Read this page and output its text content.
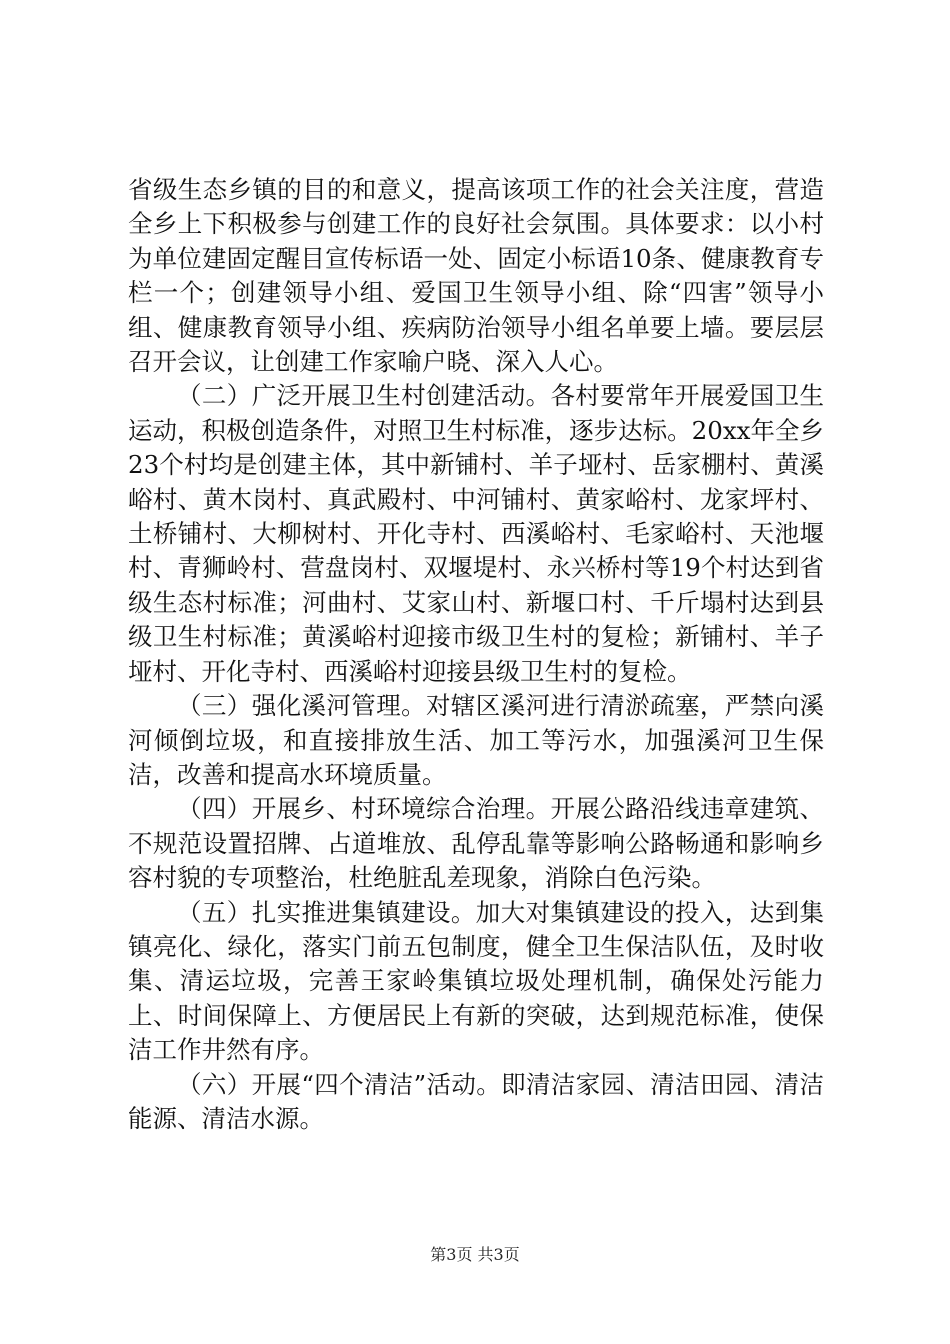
省级生态乡镇的目的和意义，提高该项工作的社会关注度，营造全乡上下积极参与创建工作的良好社会氛围。具体要求：以小村为单位建固定醒目宣传标语一处、固定小标语10条、健康教育专栏一个；创建领导小组、爱国卫生领导小组、除“四害”领导小组、健康教育领导小组、疾病防治领导小组名单要上墙。要层层召开会议，让创建工作家喻户晓、深入人心。

（二）广泛开展卫生村创建活动。各村要常年开展爱国卫生运动，积极创造条件，对照卫生村标准，逐步达标。20xx年全乡23个村均是创建主体，其中新铺村、羊子垭村、岳家棚村、黄溪峪村、黄木岗村、真武殿村、中河铺村、黄家峪村、龙家坪村、土桥铺村、大柳树村、开化寺村、西溪峪村、毛家峪村、天池堰村、青狮岭村、营盘岗村、双堰堤村、永兴桥村等19个村达到省级生态村标准；河曲村、艾家山村、新堰口村、千斤塌村达到县级卫生村标准；黄溪峪村迎接市级卫生村的复检；新铺村、羊子垭村、开化寺村、西溪峪村迎接县级卫生村的复检。

（三）强化溪河管理。对辖区溪河进行清淤疏塞，严禁向溪河倾倒垃圾，和直接排放生活、加工等污水，加强溪河卫生保洁，改善和提高水环境质量。

（四）开展乡、村环境综合治理。开展公路沿线违章建筑、不规范设置招牌、占道堆放、乱停乱靠等影响公路畅通和影响乡容村貌的专项整治，杜绝脏乱差现象，消除白色污染。

（五）扎实推进集镇建设。加大对集镇建设的投入，达到集镇亮化、绿化，落实门前五包制度，健全卫生保洁队伍，及时收集、清运垃圾，完善王家岭集镇垃圾处理机制，确保处污能力上、时间保障上、方便居民上有新的突破，达到规范标准，使保洁工作井然有序。

（六）开展“四个清洁”活动。即清洁家园、清洁田园、清洁能源、清洁水源。

第3页 共3页
